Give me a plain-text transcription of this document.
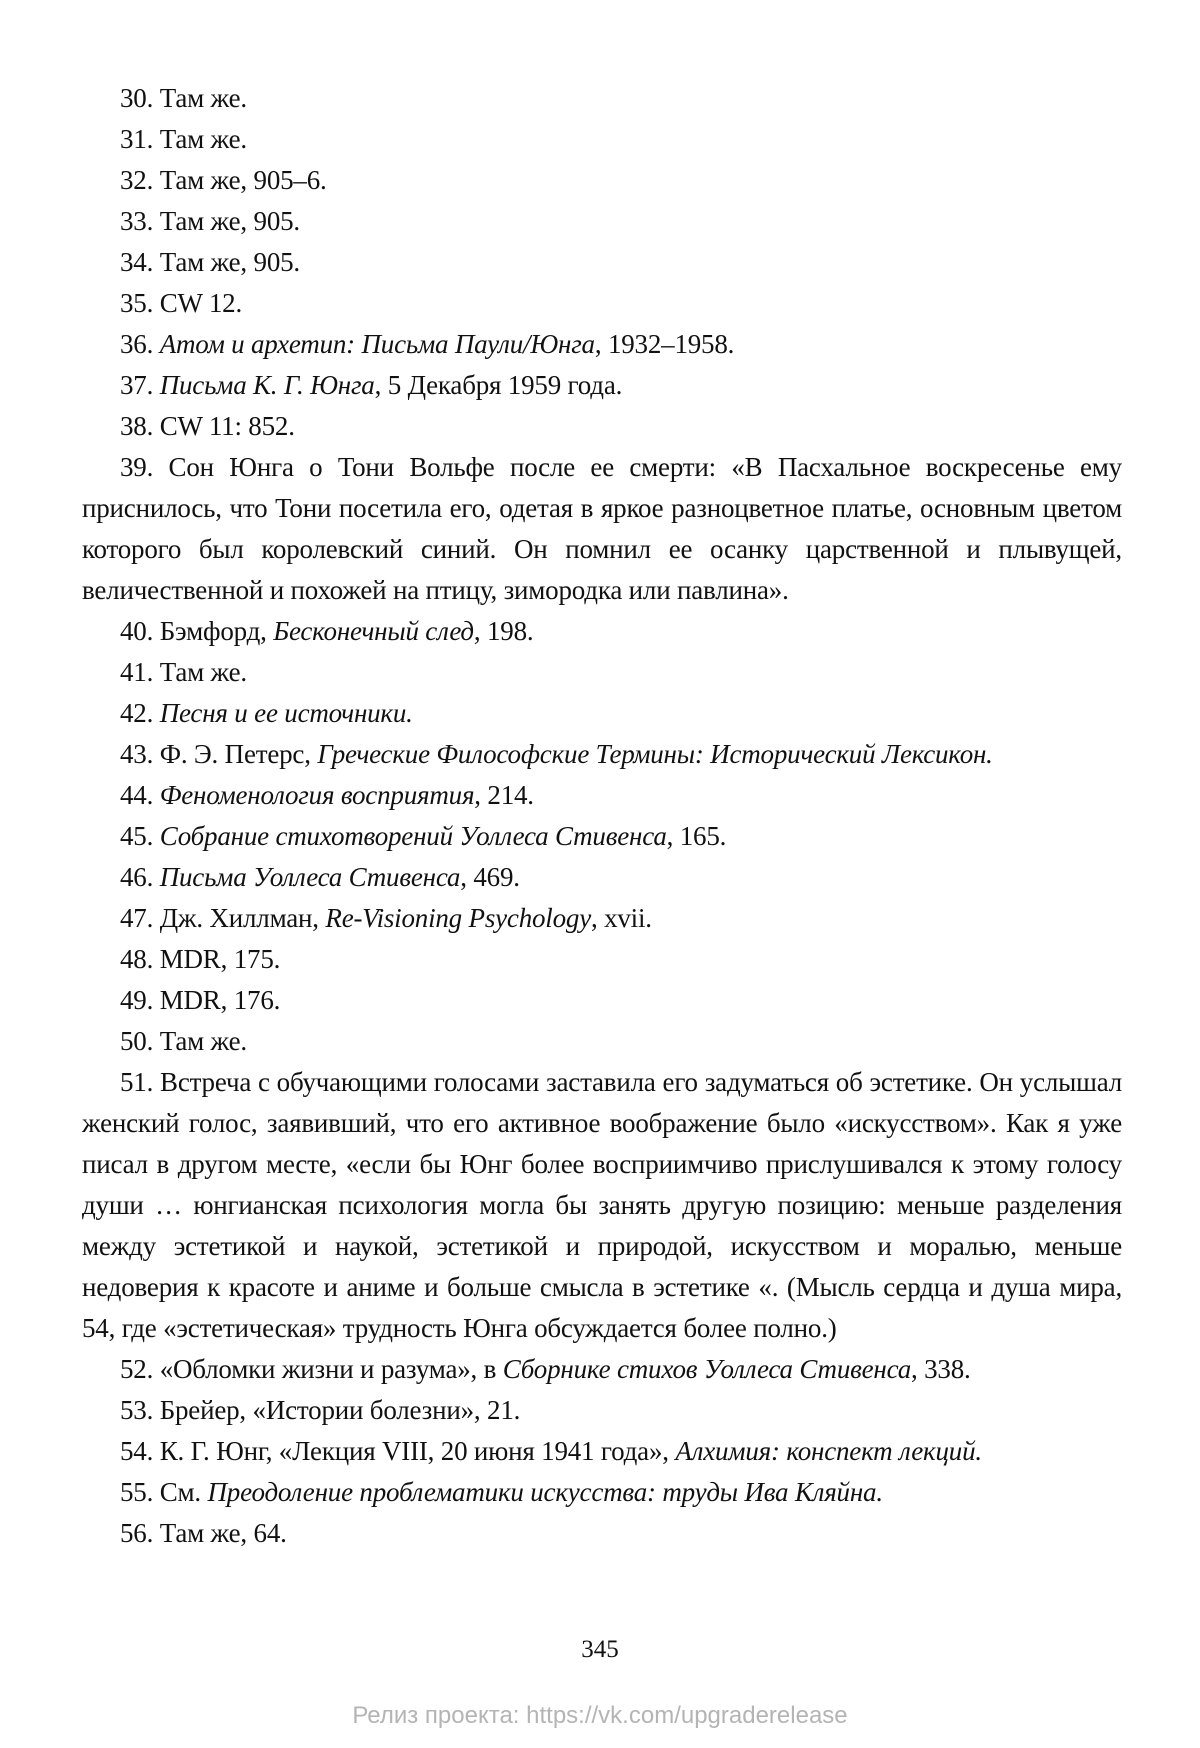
30. Там же.

31. Там же.

32. Там же, 905–6.

33. Там же, 905.

34. Там же, 905.

35. CW 12.

36. Атом и архетип: Письма Паули/Юнга, 1932–1958.

37. Письма К. Г. Юнга, 5 Декабря 1959 года.

38. CW 11: 852.

39. Сон Юнга о Тони Вольфе после ее смерти: «В Пасхальное воскресенье ему приснилось, что Тони посетила его, одетая в яркое разноцветное платье, основным цветом которого был королевский синий. Он помнил ее осанку царственной и плывущей, величественной и похожей на птицу, зимородка или павлина».

40. Бэмфорд, Бесконечный след, 198.

41. Там же.

42. Песня и ее источники.

43. Ф. Э. Петерс, Греческие Философские Термины: Исторический Лексикон.

44. Феноменология восприятия, 214.

45. Собрание стихотворений Уоллеса Стивенса, 165.

46. Письма Уоллеса Стивенса, 469.

47. Дж. Хиллман, Re-Visioning Psychology, xvii.

48. MDR, 175.

49. MDR, 176.

50. Там же.

51. Встреча с обучающими голосами заставила его задуматься об эстетике. Он услышал женский голос, заявивший, что его активное воображение было «искусством». Как я уже писал в другом месте, «если бы Юнг более восприимчиво прислушивался к этому голосу души … юнгианская психология могла бы занять другую позицию: меньше разделения между эстетикой и наукой, эстетикой и природой, искусством и моралью, меньше недоверия к красоте и аниме и больше смысла в эстетике «. (Мысль сердца и душа мира, 54, где «эстетическая» трудность Юнга обсуждается более полно.)

52. «Обломки жизни и разума», в Сборнике стихов Уоллеса Стивенса, 338.

53. Брейер, «Истории болезни», 21.

54. К. Г. Юнг, «Лекция VIII, 20 июня 1941 года», Алхимия: конспект лекций.

55. См. Преодоление проблематики искусства: труды Ива Кляйна.

56. Там же, 64.

345
Релиз проекта: https://vk.com/upgraderelease
